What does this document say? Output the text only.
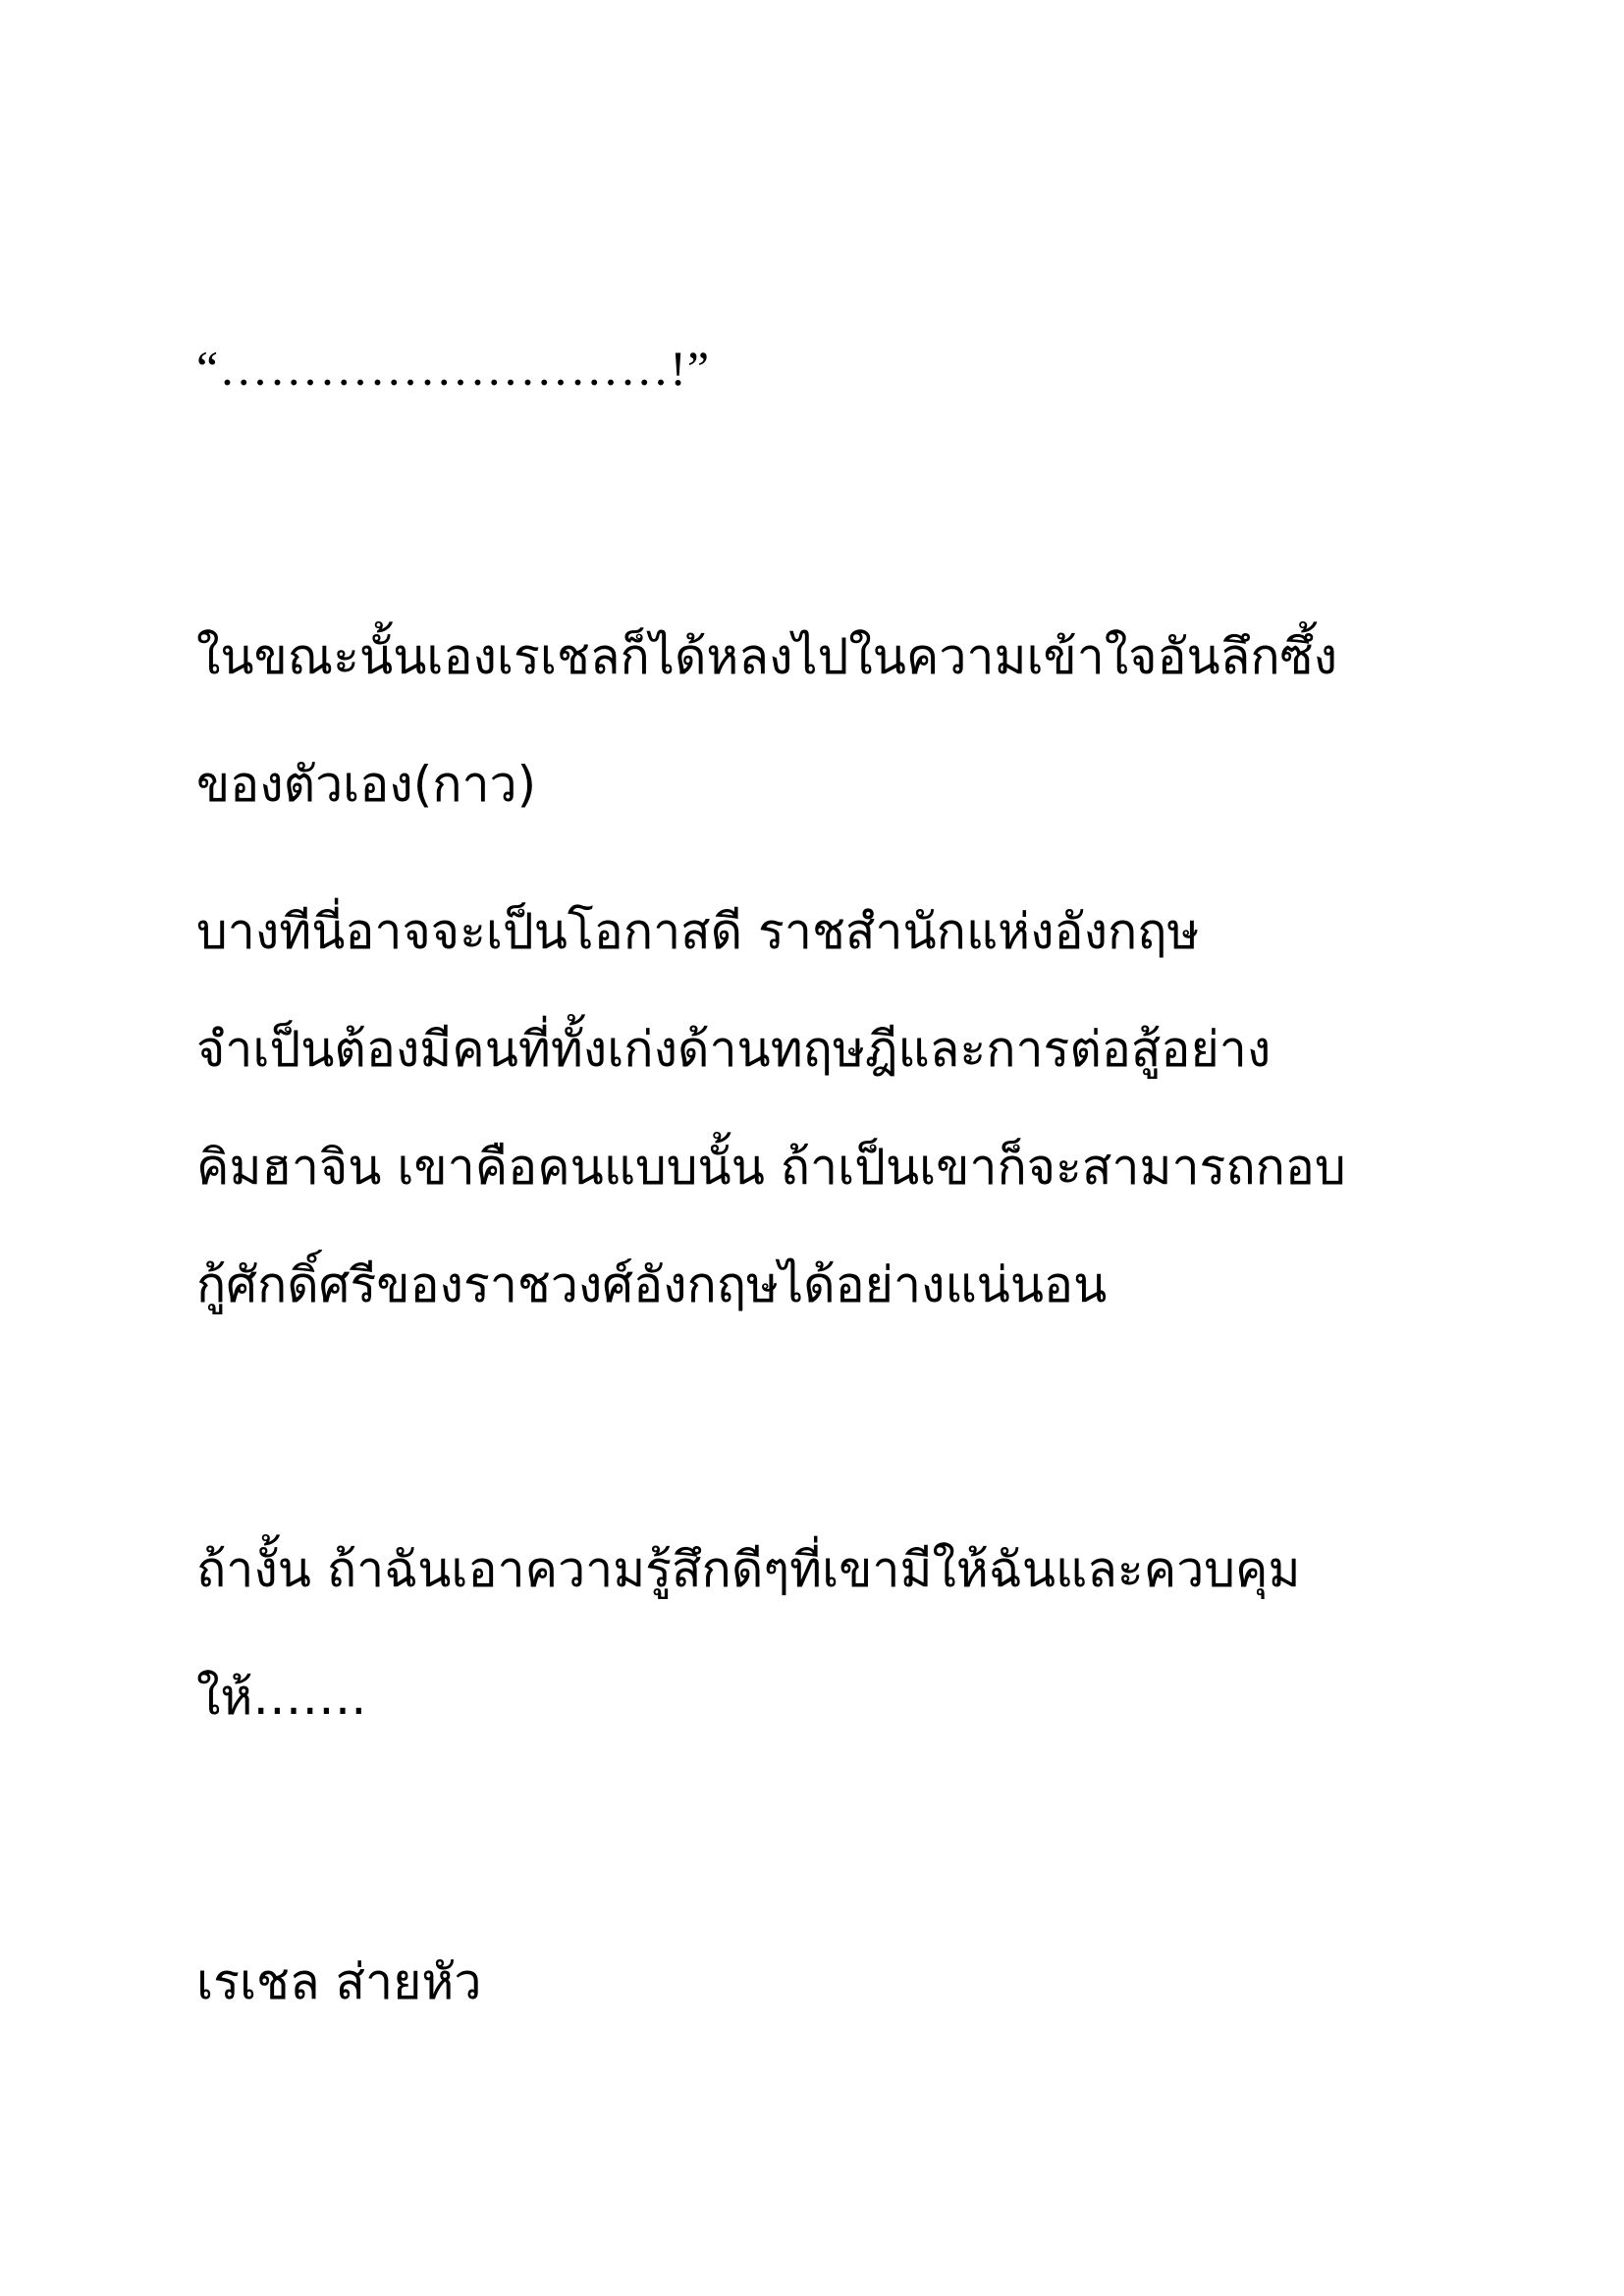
“………………………!”

ในขณะนั้นเองเรเชลก็ได้หลงไปในความเข้าใจอันลึกซึ้ง

ของตัวเอง(กาว)

บางทีนี่อาจจะเป็นโอกาสดี ราชสำนักแห่งอังกฤษ

จำเป็นต้องมีคนที่ทั้งเก่งด้านทฤษฎีและการต่อสู้อย่าง

คิมฮาจิน เขาคือคนแบบนั้น ถ้าเป็นเขาก็จะสามารถกอบ

กู้ศักดิ์ศรีของราชวงศ์อังกฤษได้อย่างแน่นอน

ถ้างั้น ถ้าฉันเอาความรู้สึกดีๆที่เขามีให้ฉันและควบคุม

ให้…….

เรเชล ส่ายหัว
